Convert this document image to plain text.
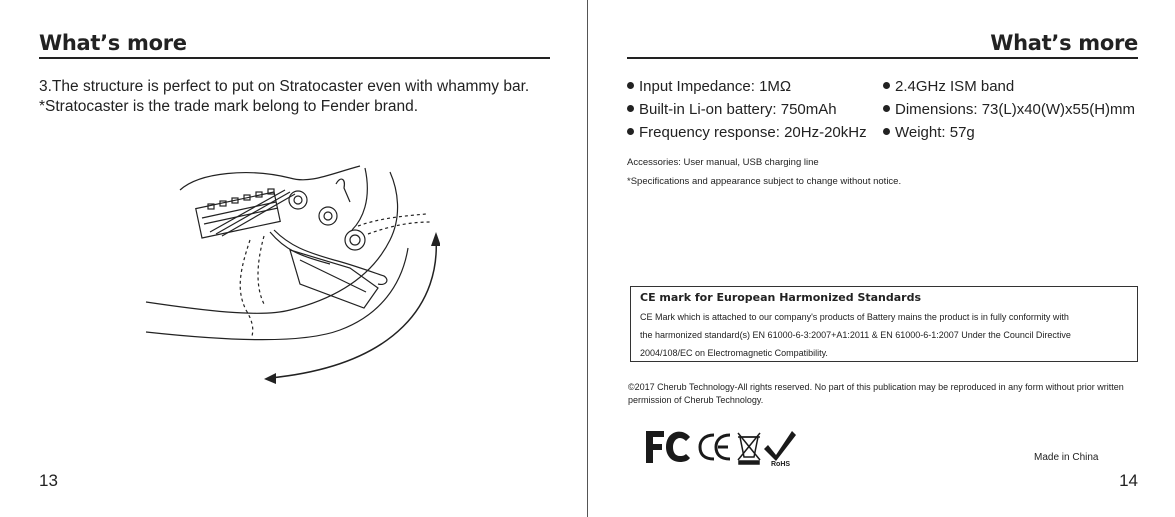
What’s more
3.The structure is perfect to put on Stratocaster even with whammy bar.
*Stratocaster is the trade mark belong to Fender brand.
13
What’s more
Input Impedance: 1MΩ
Built-in Li-on battery: 750mAh
Frequency response: 20Hz-20kHz
2.4GHz ISM band
Dimensions: 73(L)x40(W)x55(H)mm
Weight: 57g
Accessories: User manual, USB charging line
*Specifications and appearance subject to change without notice.
CE mark for European Harmonized Standards
CE Mark which is attached to our company's products of Battery mains the product is in fully conformity with
the harmonized standard(s) EN 61000-6-3:2007+A1:2011 & EN 61000-6-1:2007 Under the Council Directive
2004/108/EC on Electromagnetic Compatibility.
©2017 Cherub Technology-All rights reserved. No part of this publication may be reproduced in any form without prior written permission of Cherub Technology.
RoHS
Made in China
14
